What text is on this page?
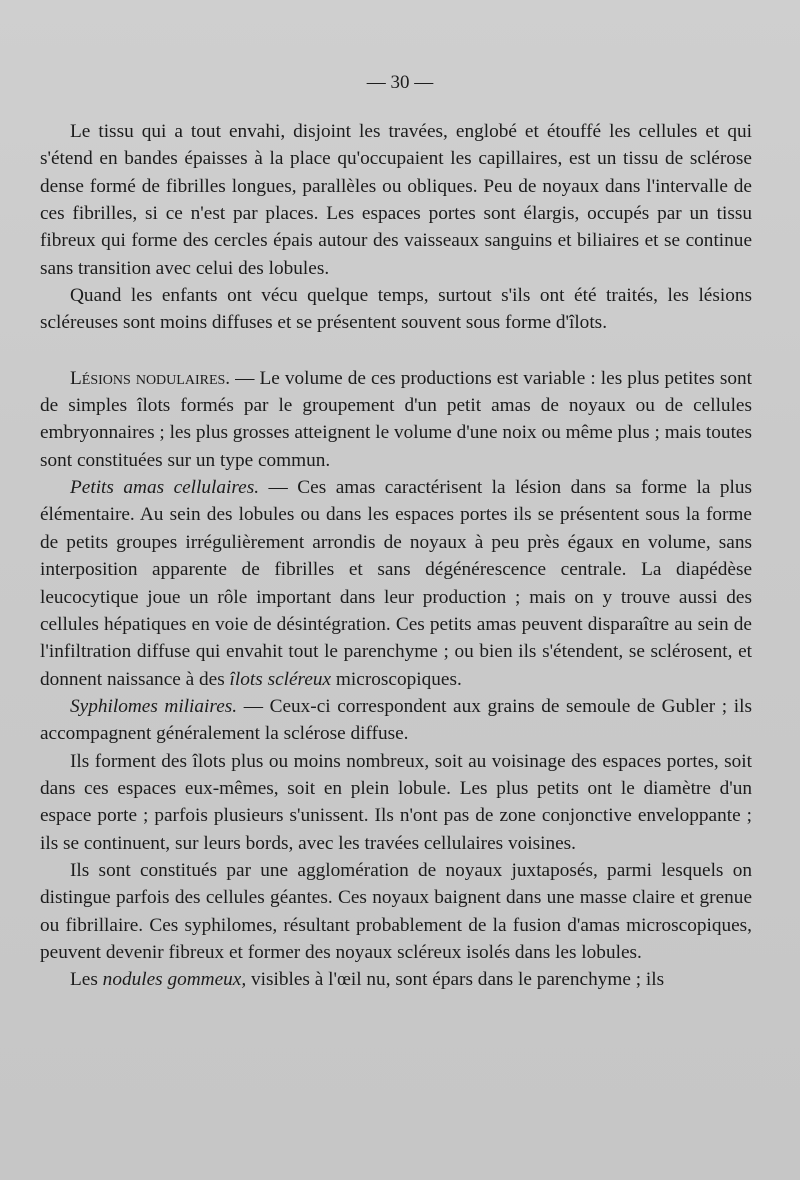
— 30 —

Le tissu qui a tout envahi, disjoint les travées, englobé et étouffé les cellules et qui s'étend en bandes épaisses à la place qu'occupaient les capillaires, est un tissu de sclérose dense formé de fibrilles longues, parallèles ou obliques. Peu de noyaux dans l'intervalle de ces fibrilles, si ce n'est par places. Les espaces portes sont élargis, occupés par un tissu fibreux qui forme des cercles épais autour des vaisseaux sanguins et biliaires et se continue sans transition avec celui des lobules.

Quand les enfants ont vécu quelque temps, surtout s'ils ont été traités, les lésions scléreuses sont moins diffuses et se présentent souvent sous forme d'îlots.

Lésions nodulaires. — Le volume de ces productions est variable : les plus petites sont de simples îlots formés par le groupement d'un petit amas de noyaux ou de cellules embryonnaires ; les plus grosses atteignent le volume d'une noix ou même plus ; mais toutes sont constituées sur un type commun.

Petits amas cellulaires. — Ces amas caractérisent la lésion dans sa forme la plus élémentaire. Au sein des lobules ou dans les espaces portes ils se présentent sous la forme de petits groupes irrégulièrement arrondis de noyaux à peu près égaux en volume, sans interposition apparente de fibrilles et sans dégénérescence centrale. La diapédèse leucocytique joue un rôle important dans leur production ; mais on y trouve aussi des cellules hépatiques en voie de désintégration. Ces petits amas peuvent disparaître au sein de l'infiltration diffuse qui envahit tout le parenchyme ; ou bien ils s'étendent, se sclérosent, et donnent naissance à des îlots scléreux microscopiques.

Syphilomes miliaires. — Ceux-ci correspondent aux grains de semoule de Gubler ; ils accompagnent généralement la sclérose diffuse.

Ils forment des îlots plus ou moins nombreux, soit au voisinage des espaces portes, soit dans ces espaces eux-mêmes, soit en plein lobule. Les plus petits ont le diamètre d'un espace porte ; parfois plusieurs s'unissent. Ils n'ont pas de zone conjonctive enveloppante ; ils se continuent, sur leurs bords, avec les travées cellulaires voisines.

Ils sont constitués par une agglomération de noyaux juxtaposés, parmi lesquels on distingue parfois des cellules géantes. Ces noyaux baignent dans une masse claire et grenue ou fibrillaire. Ces syphilomes, résultant probablement de la fusion d'amas microscopiques, peuvent devenir fibreux et former des noyaux scléreux isolés dans les lobules.

Les nodules gommeux, visibles à l'œil nu, sont épars dans le parenchyme ; ils
